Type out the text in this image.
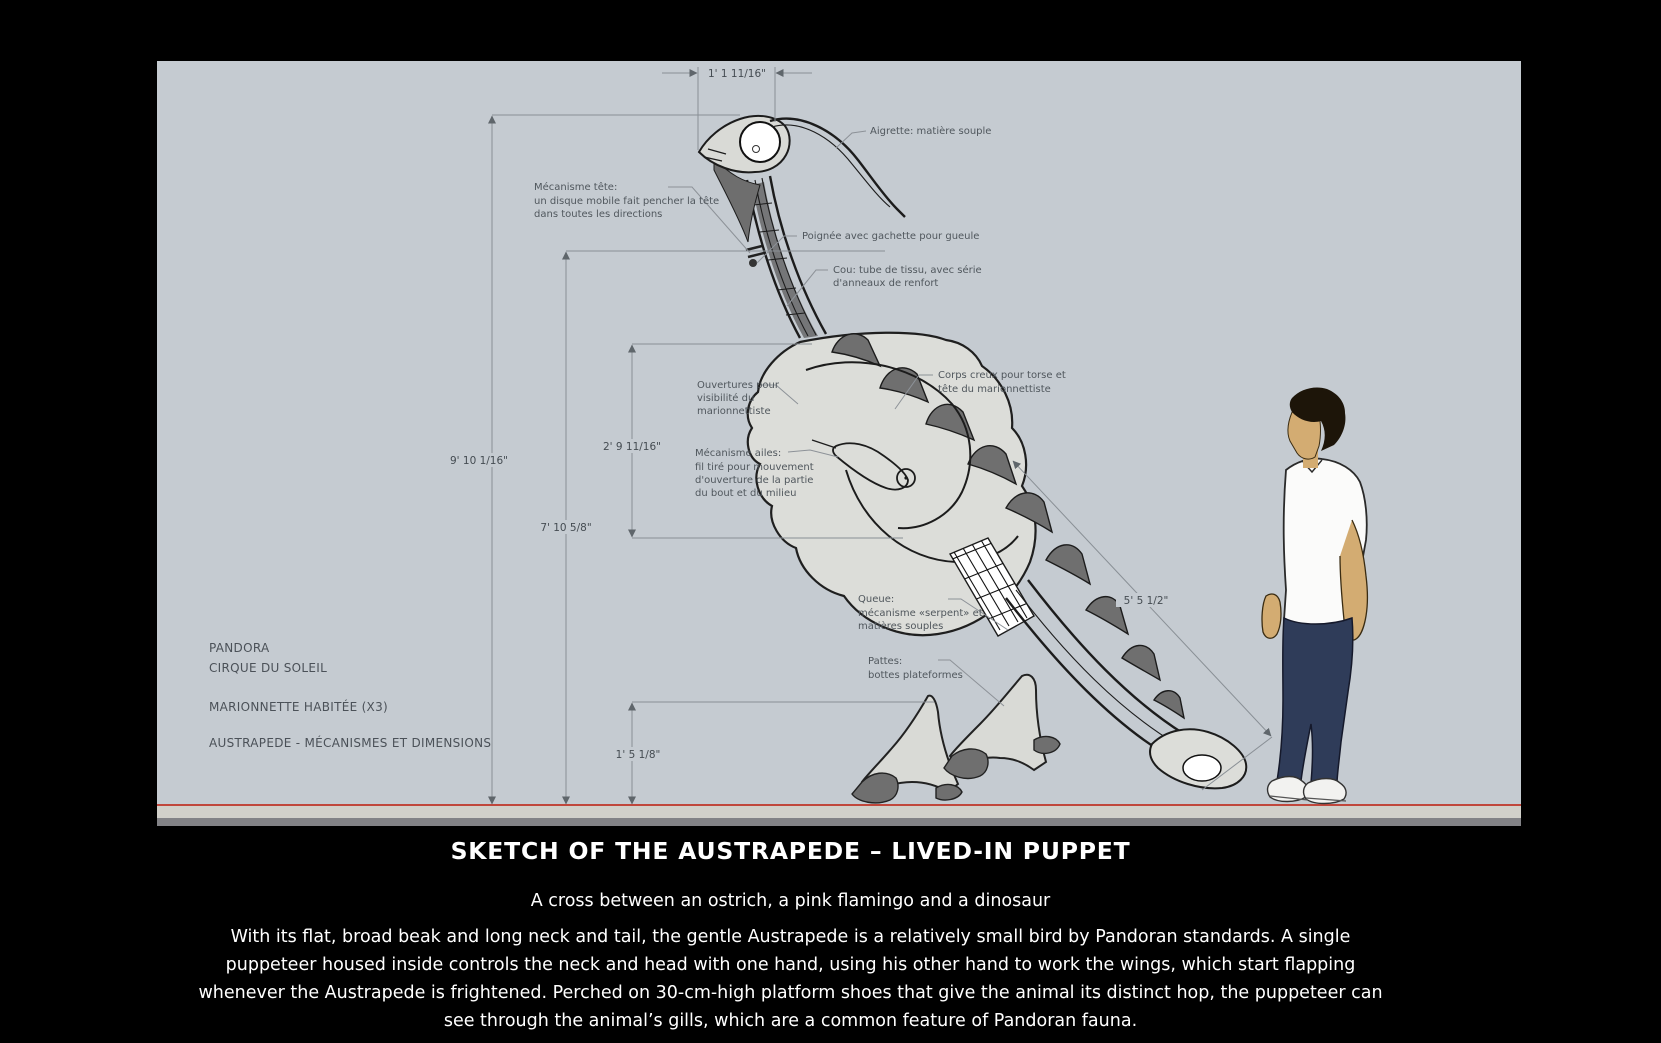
1' 1 11/16"
9' 10 1/16"
7' 10 5/8"
2' 9 11/16"
1' 5 1/8"
5' 5 1/2"
Aigrette: matière souple
Mécanisme tête:
un disque mobile fait pencher la tête
dans toutes les directions
Poignée avec gachette pour gueule
Cou: tube de tissu, avec série
d'anneaux de renfort
Ouvertures pour
visibilité du
marionnettiste
Corps creux pour torse et
tête du marionnettiste
Mécanisme ailes:
fil tiré pour mouvement
d'ouverture de la partie
du bout et du milieu
Queue:
mécanisme «serpent» et
matières souples
Pattes:
bottes plateformes
PANDORA
CIRQUE DU SOLEIL
MARIONNETTE HABITÉE (X3)
AUSTRAPEDE - MÉCANISMES ET DIMENSIONS
SKETCH OF THE AUSTRAPEDE – LIVED-IN PUPPET
A cross between an ostrich, a pink flamingo and a dinosaur

With its flat, broad beak and long neck and tail, the gentle Austrapede is a relatively small bird by Pandoran standards. A single puppeteer housed inside controls the neck and head with one hand, using his other hand to work the wings, which start flapping whenever the Austrapede is frightened. Perched on 30-cm-high platform shoes that give the animal its distinct hop, the puppeteer can see through the animal’s gills, which are a common feature of Pandoran fauna.
